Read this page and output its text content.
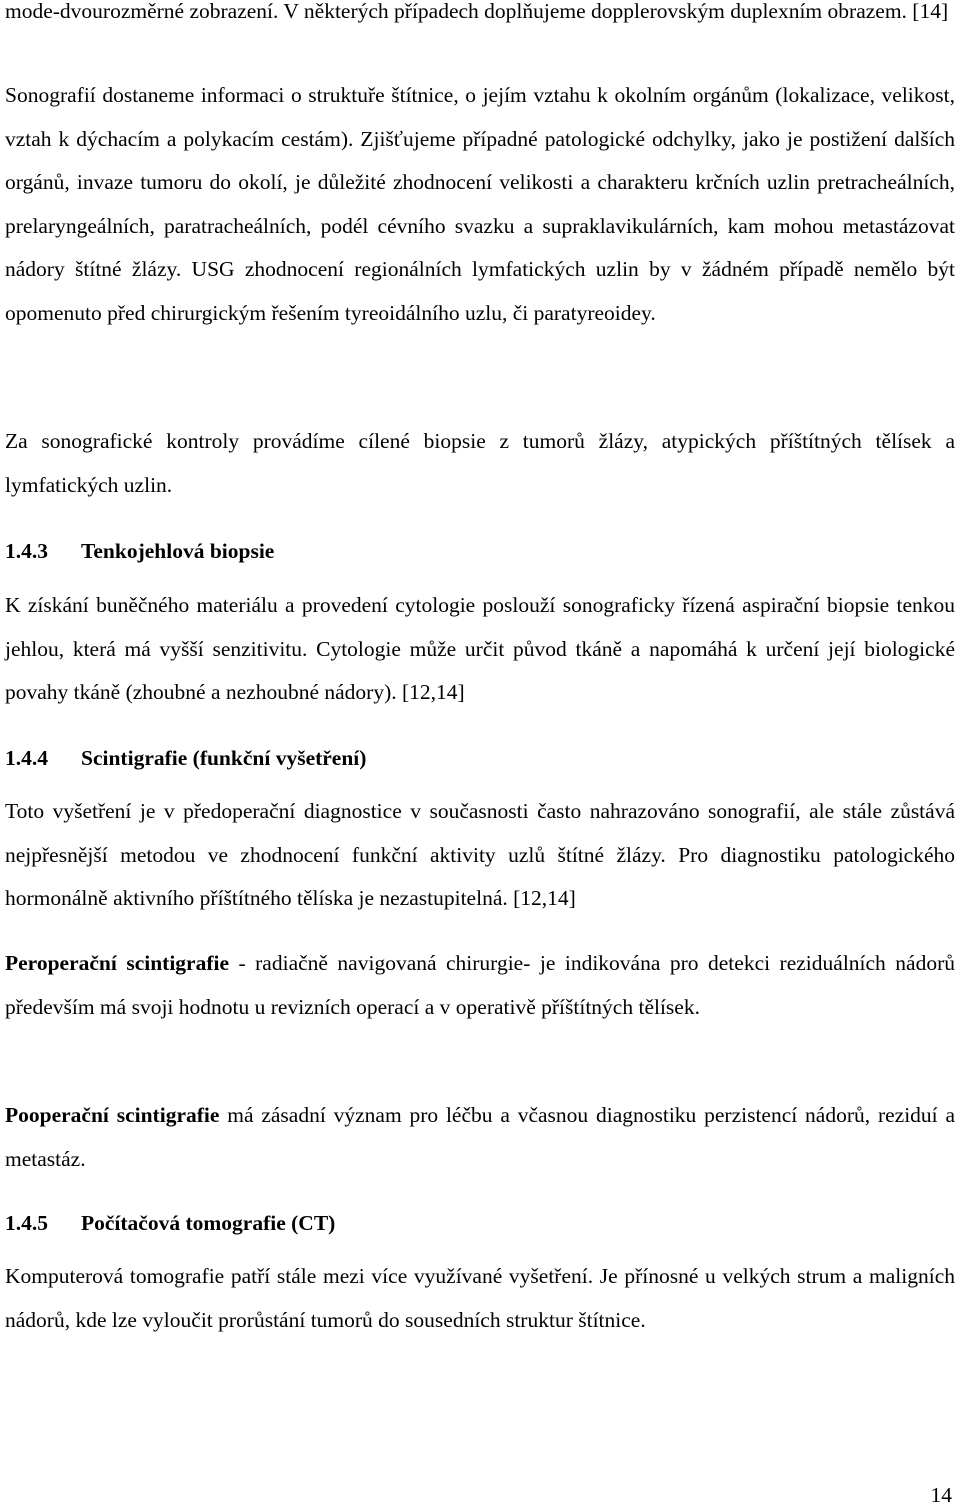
mode-dvourozměrné zobrazení. V některých případech doplňujeme dopplerovským duplexním obrazem. [14]

Sonografií dostaneme informaci o struktuře štítnice, o jejím vztahu k okolním orgánům (lokalizace, velikost, vztah k dýchacím a polykacím cestám). Zjišťujeme případné patologické odchylky, jako je postižení dalších orgánů, invaze tumoru do okolí, je důležité zhodnocení velikosti a charakteru krčních uzlin pretracheálních, prelaryngeálních, paratracheálních, podél cévního svazku a supraklavikulárních, kam mohou metastázovat nádory štítné žlázy. USG zhodnocení regionálních lymfatických uzlin by v žádném případě nemělo být opomenuto před chirurgickým řešením tyreoidálního uzlu, či paratyreoidey.

Za sonografické kontroly provádíme cílené biopsie z tumorů žlázy, atypických příštítných tělísek a lymfatických uzlin.

1.4.3 Tenkojehlová biopsie

K získání buněčného materiálu a provedení cytologie poslouží sonograficky řízená aspirační biopsie tenkou jehlou, která má vyšší senzitivitu. Cytologie může určit původ tkáně a napomáhá k určení její biologické povahy tkáně (zhoubné a nezhoubné nádory). [12,14]

1.4.4 Scintigrafie (funkční vyšetření)

Toto vyšetření je v předoperační diagnostice v současnosti často nahrazováno sonografií, ale stále zůstává nejpřesnější metodou ve zhodnocení funkční aktivity uzlů štítné žlázy. Pro diagnostiku patologického hormonálně aktivního příštítného tělíska je nezastupitelná. [12,14]

Peroperační scintigrafie - radiačně navigovaná chirurgie- je indikována pro detekci reziduálních nádorů především má svoji hodnotu u revizních operací a v operativě příštítných tělísek.

Pooperační scintigrafie má zásadní význam pro léčbu a včasnou diagnostiku perzistencí nádorů, reziduí a metastáz.

1.4.5 Počítačová tomografie (CT)

Komputerová tomografie patří stále mezi více využívané vyšetření. Je přínosné u velkých strum a maligních nádorů, kde lze vyloučit prorůstání tumorů do sousedních struktur štítnice.

14
